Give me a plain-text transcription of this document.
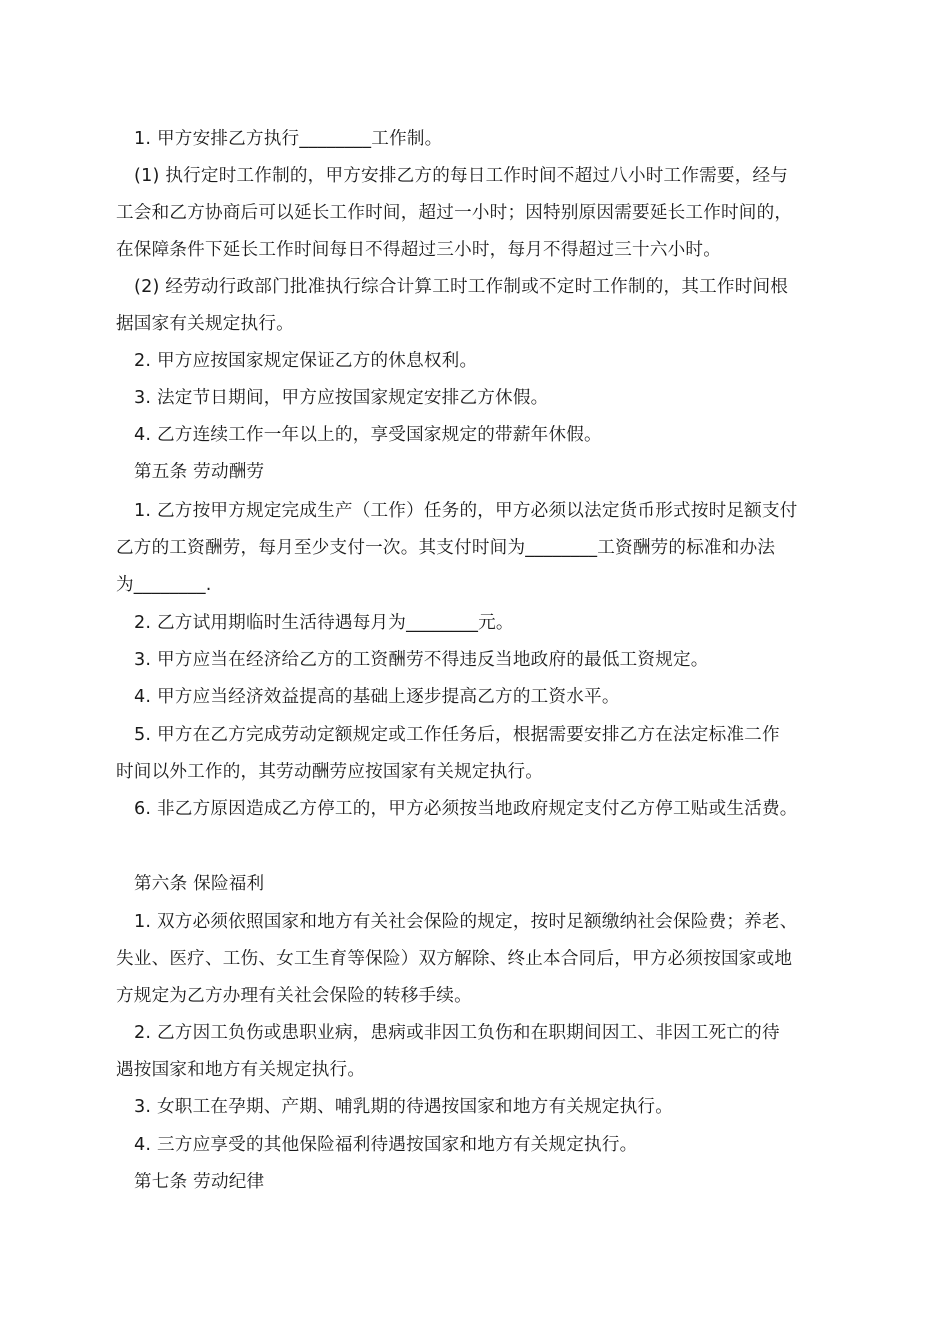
1. 甲方安排乙方执行________工作制。
(1) 执行定时工作制的，甲方安排乙方的每日工作时间不超过八小时工作需要，经与
工会和乙方协商后可以延长工作时间，超过一小时；因特别原因需要延长工作时间的，
在保障条件下延长工作时间每日不得超过三小时，每月不得超过三十六小时。
(2) 经劳动行政部门批准执行综合计算工时工作制或不定时工作制的，其工作时间根
据国家有关规定执行。
2. 甲方应按国家规定保证乙方的休息权利。
3. 法定节日期间，甲方应按国家规定安排乙方休假。
4. 乙方连续工作一年以上的，享受国家规定的带薪年休假。
第五条 劳动酬劳
1. 乙方按甲方规定完成生产（工作）任务的，甲方必须以法定货币形式按时足额支付
乙方的工资酬劳，每月至少支付一次。其支付时间为________工资酬劳的标准和办法
为________.
2. 乙方试用期临时生活待遇每月为________元。
3. 甲方应当在经济给乙方的工资酬劳不得违反当地政府的最低工资规定。
4. 甲方应当经济效益提高的基础上逐步提高乙方的工资水平。
5. 甲方在乙方完成劳动定额规定或工作任务后，根据需要安排乙方在法定标准二作
时间以外工作的，其劳动酬劳应按国家有关规定执行。
6. 非乙方原因造成乙方停工的，甲方必须按当地政府规定支付乙方停工贴或生活费。
第六条 保险福利
1. 双方必须依照国家和地方有关社会保险的规定，按时足额缴纳社会保险费；养老、
失业、医疗、工伤、女工生育等保险）双方解除、终止本合同后，甲方必须按国家或地
方规定为乙方办理有关社会保险的转移手续。
2. 乙方因工负伤或患职业病，患病或非因工负伤和在职期间因工、非因工死亡的待
遇按国家和地方有关规定执行。
3. 女职工在孕期、产期、哺乳期的待遇按国家和地方有关规定执行。
4. 三方应享受的其他保险福利待遇按国家和地方有关规定执行。
第七条 劳动纪律
